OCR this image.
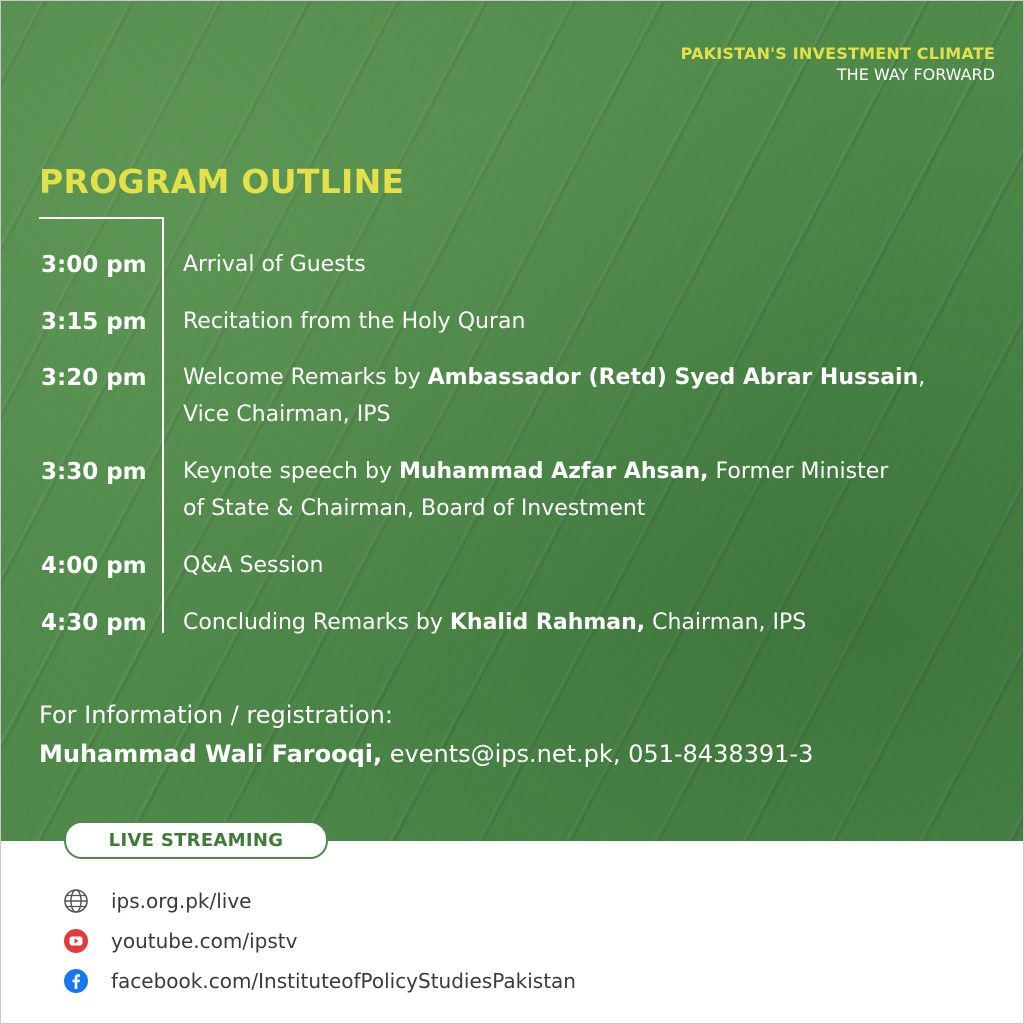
PAKISTAN'S INVESTMENT CLIMATE
THE WAY FORWARD
PROGRAM OUTLINE
3:00 pm Arrival of Guests
3:15 pm Recitation from the Holy Quran
3:20 pm Welcome Remarks by Ambassador (Retd) Syed Abrar Hussain,
Vice Chairman, IPS
3:30 pm Keynote speech by Muhammad Azfar Ahsan, Former Minister
of State & Chairman, Board of Investment
4:00 pm Q&A Session
4:30 pm Concluding Remarks by Khalid Rahman, Chairman, IPS
For Information / registration:
Muhammad Wali Farooqi, events@ips.net.pk, 051-8438391-3
LIVE STREAMING
ips.org.pk/live
youtube.com/ipstv
facebook.com/InstituteofPolicyStudiesPakistan
